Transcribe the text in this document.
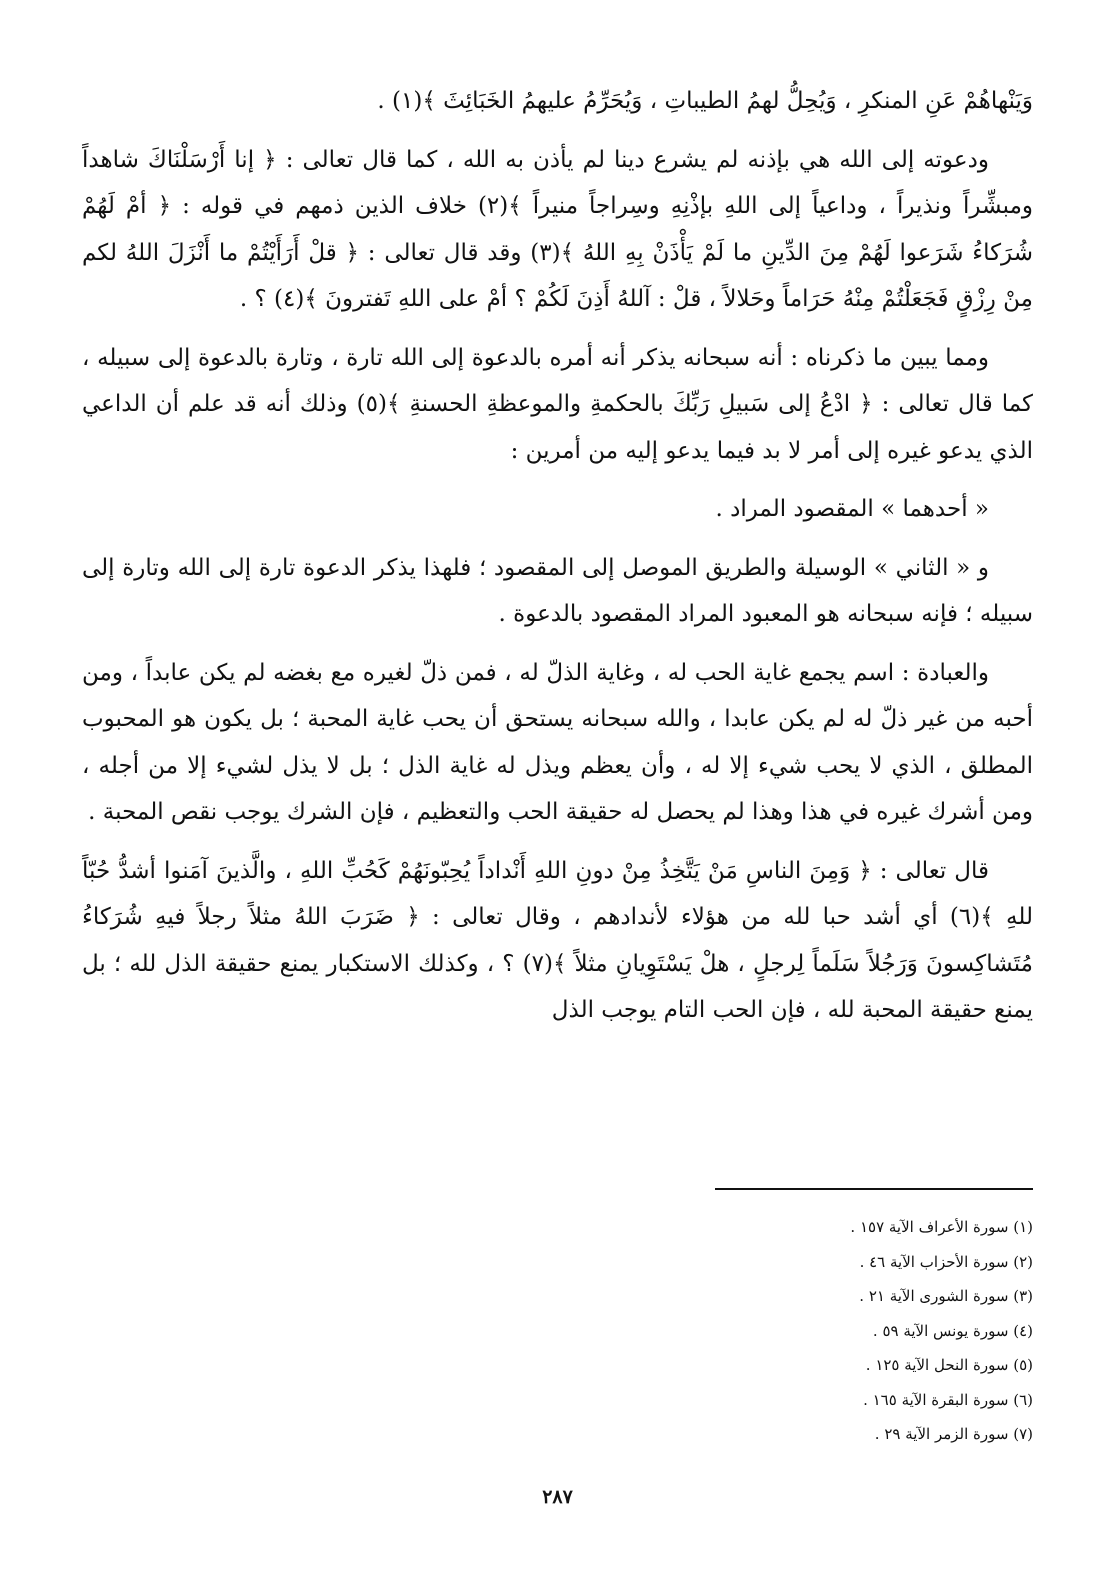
وَيَنْهاهُمْ عَنِ المنكرِ ، وَيُحِلُّ لهمُ الطيباتِ ، وَيُحَرِّمُ عليهمُ الخَبَائِثَ ﴾(١) .

ودعوته إلى الله هي بإذنه لم يشرع دينا لم يأذن به الله ، كما قال تعالى : ﴿ إنا أَرْسَلْنَاكَ شاهداً ومبشِّراً ونذيراً ، وداعياً إلى اللهِ بإذْنِهِ وسِراجاً منيراً ﴾(٢) خلاف الذين ذمهم في قوله : ﴿ أمْ لَهُمْ شُرَكاءُ شَرَعوا لَهُمْ مِنَ الدِّينِ ما لَمْ يَأْذَنْ بِهِ اللهُ ﴾(٣) وقد قال تعالى : ﴿ قلْ أَرَأَيْتُمْ ما أَنْزَلَ اللهُ لكم مِنْ رِزْقٍ فَجَعَلْتُمْ مِنْهُ حَرَاماً وحَلالاً ، قلْ : آللهُ أَذِنَ لَكُمْ ؟ أمْ على اللهِ تَفترونَ ﴾(٤) ؟ .

ومما يبين ما ذكرناه : أنه سبحانه يذكر أنه أمره بالدعوة إلى الله تارة ، وتارة بالدعوة إلى سبيله ، كما قال تعالى : ﴿ ادْعُ إلى سَبيلِ رَبِّكَ بالحكمةِ والموعظةِ الحسنةِ ﴾(٥) وذلك أنه قد علم أن الداعي الذي يدعو غيره إلى أمر لا بد فيما يدعو إليه من أمرين :

« أحدهما » المقصود المراد .

و « الثاني » الوسيلة والطريق الموصل إلى المقصود ؛ فلهذا يذكر الدعوة تارة إلى الله وتارة إلى سبيله ؛ فإنه سبحانه هو المعبود المراد المقصود بالدعوة .

والعبادة : اسم يجمع غاية الحب له ، وغاية الذلّ له ، فمن ذلّ لغيره مع بغضه لم يكن عابداً ، ومن أحبه من غير ذلّ له لم يكن عابدا ، والله سبحانه يستحق أن يحب غاية المحبة ؛ بل يكون هو المحبوب المطلق ، الذي لا يحب شيء إلا له ، وأن يعظم ويذل له غاية الذل ؛ بل لا يذل لشيء إلا من أجله ، ومن أشرك غيره في هذا وهذا لم يحصل له حقيقة الحب والتعظيم ، فإن الشرك يوجب نقص المحبة .

قال تعالى : ﴿ وَمِنَ الناسِ مَنْ يَتَّخِذُ مِنْ دونِ اللهِ أَنْداداً يُحِبّونَهُمْ كَحُبِّ اللهِ ، والَّذينَ آمَنوا أشدُّ حُبّاً للهِ ﴾(٦) أي أشد حبا لله من هؤلاء لأندادهم ، وقال تعالى : ﴿ ضَرَبَ اللهُ مثلاً رجلاً فيهِ شُرَكاءُ مُتَشاكِسونَ وَرَجُلاً سَلَماً لِرجلٍ ، هلْ يَسْتَوِيانِ مثلاً ﴾(٧) ؟ ، وكذلك الاستكبار يمنع حقيقة الذل لله ؛ بل يمنع حقيقة المحبة لله ، فإن الحب التام يوجب الذل

(١) سورة الأعراف الآية ١٥٧ .
(٢) سورة الأحزاب الآية ٤٦ .
(٣) سورة الشورى الآية ٢١ .
(٤) سورة يونس الآية ٥٩ .
(٥) سورة النحل الآية ١٢٥ .
(٦) سورة البقرة الآية ١٦٥ .
(٧) سورة الزمر الآية ٢٩ .
٢٨٧
